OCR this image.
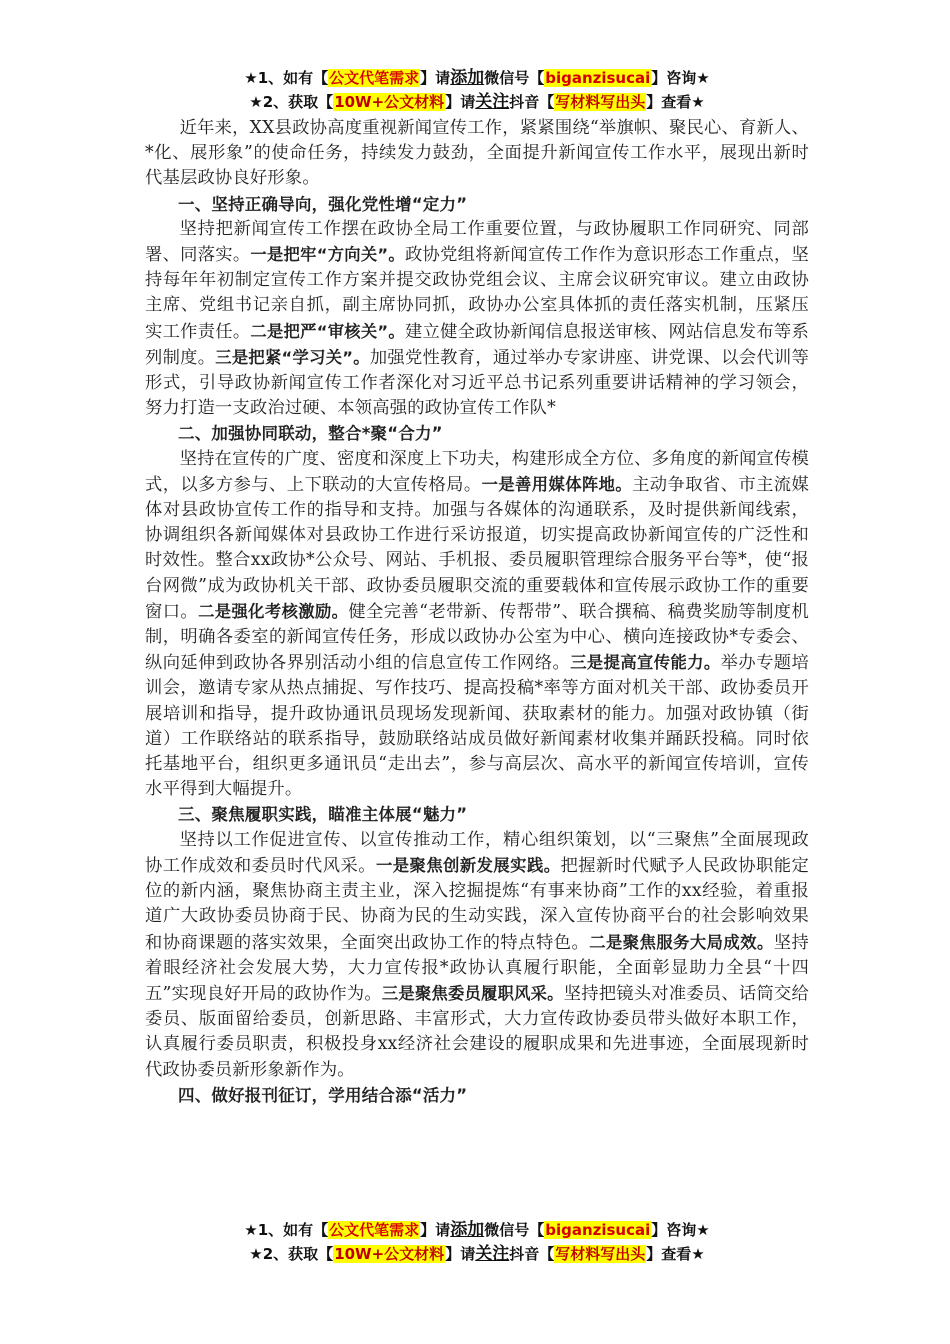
★1、如有【公文代笔需求】请添加微信号【biganzisucai】咨询★
★2、获取【10W+公文材料】请关注抖音【写材料写出头】查看★

近年来，XX县政协高度重视新闻宣传工作，紧紧围绕“举旗帜、聚民心、育新人、*化、展形象”的使命任务，持续发力鼓劲，全面提升新闻宣传工作水平，展现出新时代基层政协良好形象。

一、坚持正确导向，强化党性增“定力”

坚持把新闻宣传工作摆在政协全局工作重要位置，与政协履职工作同研究、同部署、同落实。一是把牢“方向关”。政协党组将新闻宣传工作作为意识形态工作重点，坚持每年年初制定宣传工作方案并提交政协党组会议、主席会议研究审议。建立由政协主席、党组书记亲自抓，副主席协同抓，政协办公室具体抓的责任落实机制，压紧压实工作责任。二是把严“审核关”。建立健全政协新闻信息报送审核、网站信息发布等系列制度。三是把紧“学习关”。加强党性教育，通过举办专家讲座、讲党课、以会代训等形式，引导政协新闻宣传工作者深化对习近平总书记系列重要讲话精神的学习领会，努力打造一支政治过硬、本领高强的政协宣传工作队*

二、加强协同联动，整合*聚“合力”

坚持在宣传的广度、密度和深度上下功夫，构建形成全方位、多角度的新闻宣传模式，以多方参与、上下联动的大宣传格局。一是善用媒体阵地。主动争取省、市主流媒体对县政协宣传工作的指导和支持。加强与各媒体的沟通联系，及时提供新闻线索，协调组织各新闻媒体对县政协工作进行采访报道，切实提高政协新闻宣传的广泛性和时效性。整合xx政协*公众号、网站、手机报、委员履职管理综合服务平台等*，使“报台网微”成为政协机关干部、政协委员履职交流的重要载体和宣传展示政协工作的重要窗口。二是强化考核激励。健全完善“老带新、传帮带”、联合撰稿、稿费奖励等制度机制，明确各委室的新闻宣传任务，形成以政协办公室为中心、横向连接政协*专委会、纵向延伸到政协各界别活动小组的信息宣传工作网络。三是提高宣传能力。举办专题培训会，邀请专家从热点捕捉、写作技巧、提高投稿*率等方面对机关干部、政协委员开展培训和指导，提升政协通讯员现场发现新闻、获取素材的能力。加强对政协镇（街道）工作联络站的联系指导，鼓励联络站成员做好新闻素材收集并踊跃投稿。同时依托基地平台，组织更多通讯员“走出去”，参与高层次、高水平的新闻宣传培训，宣传水平得到大幅提升。

三、聚焦履职实践，瞄准主体展“魅力”

坚持以工作促进宣传、以宣传推动工作，精心组织策划，以“三聚焦”全面展现政协工作成效和委员时代风采。一是聚焦创新发展实践。把握新时代赋予人民政协职能定位的新内涵，聚焦协商主责主业，深入挖掘提炼“有事来协商”工作的xx经验，着重报道广大政协委员协商于民、协商为民的生动实践，深入宣传协商平台的社会影响效果和协商课题的落实效果，全面突出政协工作的特点特色。二是聚焦服务大局成效。坚持着眼经济社会发展大势，大力宣传报*政协认真履行职能，全面彰显助力全县“十四五”实现良好开局的政协作为。三是聚焦委员履职风采。坚持把镜头对准委员、话筒交给委员、版面留给委员，创新思路、丰富形式，大力宣传政协委员带头做好本职工作，认真履行委员职责，积极投身xx经济社会建设的履职成果和先进事迹，全面展现新时代政协委员新形象新作为。

四、做好报刊征订，学用结合添“活力”

★1、如有【公文代笔需求】请添加微信号【biganzisucai】咨询★
★2、获取【10W+公文材料】请关注抖音【写材料写出头】查看★
